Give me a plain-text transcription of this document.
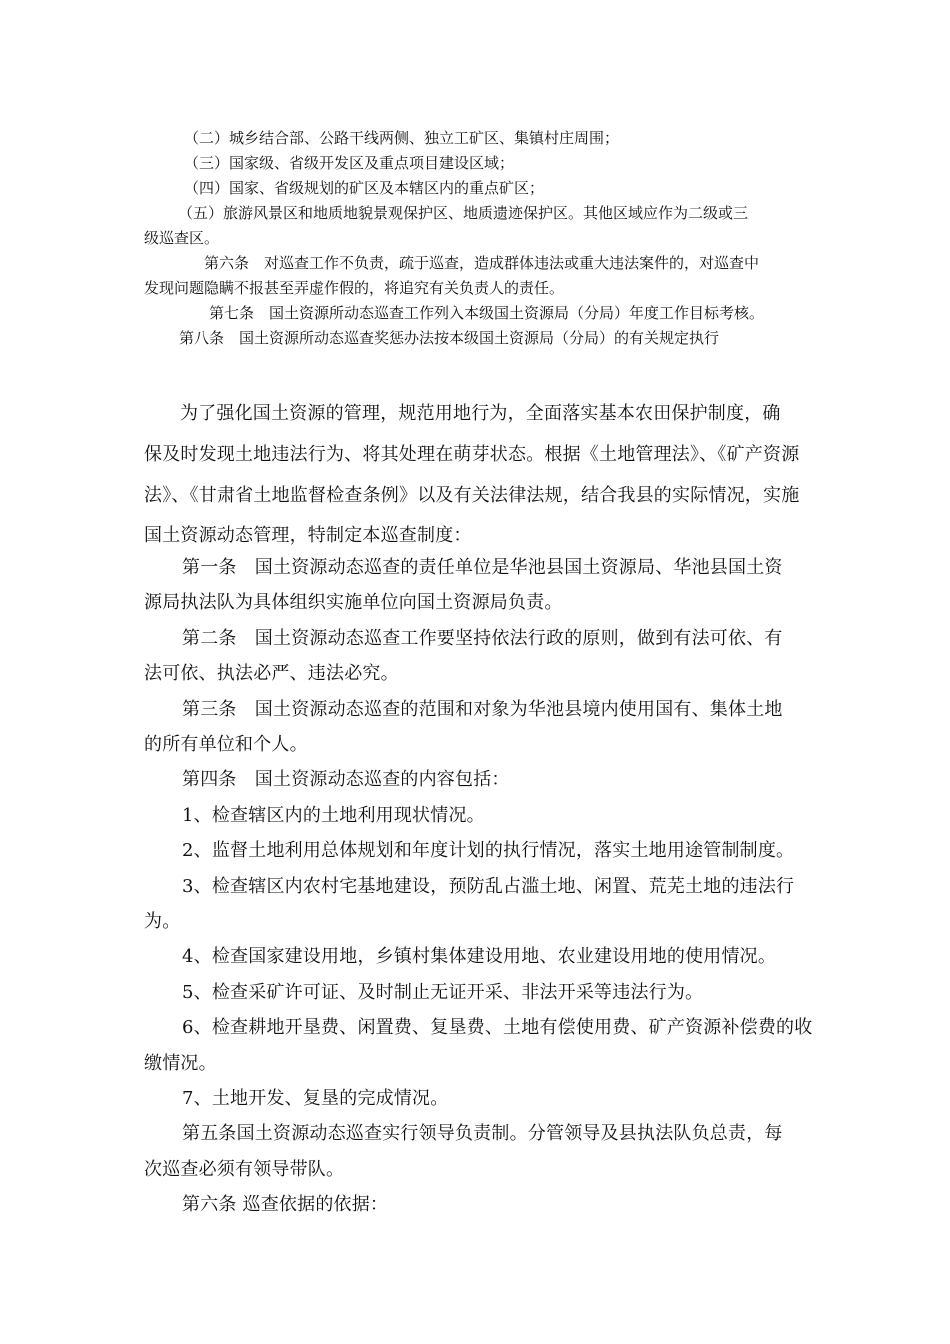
（二）城乡结合部、公路干线两侧、独立工矿区、集镇村庄周围；

（三）国家级、省级开发区及重点项目建设区域；

（四）国家、省级规划的矿区及本辖区内的重点矿区；

（五）旅游风景区和地质地貌景观保护区、地质遗迹保护区。其他区域应作为二级或三

级巡查区。

第六条　对巡查工作不负责，疏于巡查，造成群体违法或重大违法案件的，对巡查中

发现问题隐瞒不报甚至弄虚作假的，将追究有关负责人的责任。

第七条　国土资源所动态巡查工作列入本级国土资源局（分局）年度工作目标考核。

第八条　国土资源所动态巡查奖惩办法按本级国土资源局（分局）的有关规定执行

为了强化国土资源的管理，规范用地行为，全面落实基本农田保护制度，确

保及时发现土地违法行为、将其处理在萌芽状态。根据《土地管理法》、《矿产资源

法》、《甘肃省土地监督检查条例》以及有关法律法规，结合我县的实际情况，实施

国土资源动态管理，特制定本巡查制度：

第一条　国土资源动态巡查的责任单位是华池县国土资源局、华池县国土资

源局执法队为具体组织实施单位向国土资源局负责。

第二条　国土资源动态巡查工作要坚持依法行政的原则，做到有法可依、有

法可依、执法必严、违法必究。

第三条　国土资源动态巡查的范围和对象为华池县境内使用国有、集体土地

的所有单位和个人。

第四条　国土资源动态巡查的内容包括：

1、检查辖区内的土地利用现状情况。

2、监督土地利用总体规划和年度计划的执行情况，落实土地用途管制制度。

3、检查辖区内农村宅基地建设，预防乱占滥土地、闲置、荒芜土地的违法行

为。

4、检查国家建设用地，乡镇村集体建设用地、农业建设用地的使用情况。

5、检查采矿许可证、及时制止无证开采、非法开采等违法行为。

6、检查耕地开垦费、闲置费、复垦费、土地有偿使用费、矿产资源补偿费的收

缴情况。

7、土地开发、复垦的完成情况。

第五条国土资源动态巡查实行领导负责制。分管领导及县执法队负总责，每

次巡查必须有领导带队。

第六条 巡查依据的依据：
